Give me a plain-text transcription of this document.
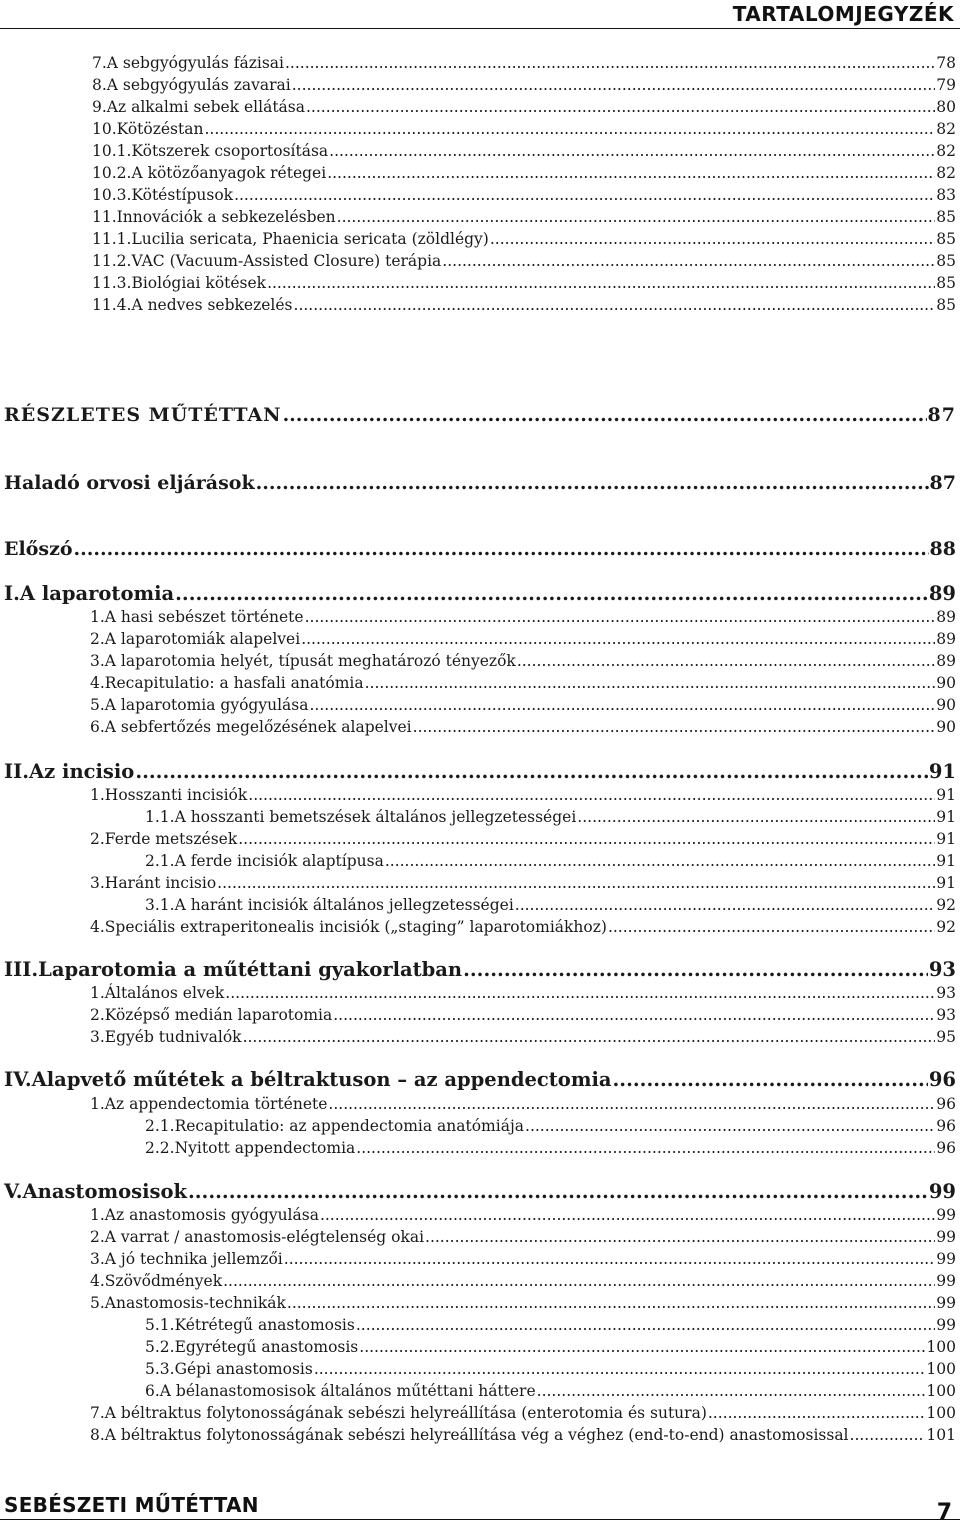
TARTALOMJEGYZÉK
7. A sebgyógyulás fázisai .....	78
8. A sebgyógyulás zavarai .....	79
9. Az alkalmi sebek ellátása .....	80
10. Kötözéstan .....	82
10.1. Kötszerek csoportosítása .....	82
10.2. A kötözőanyagok rétegei .....	82
10.3. Kötéstípusok .....	83
11. Innovációk a sebkezelésben .....	85
11.1. Lucilia sericata, Phaenicia sericata (zöldlégy) .....	85
11.2. VAC (Vacuum-Assisted Closure) terápia .....	85
11.3. Biológiai kötések .....	85
11.4. A nedves sebkezelés .....	85
RÉSZLETES MŰTÉTTAN .....	87
Haladó orvosi eljárások .....	87
Előszó .....	88
I. A laparotomia .....	89
1. A hasi sebészet története .....	89
2. A laparotomiák alapelvei .....	89
3. A laparotomia helyét, típusát meghatározó tényezők .....	89
4. Recapitulatio: a hasfali anatómia .....	90
5. A laparotomia gyógyulása .....	90
6. A sebfertőzés megelőzésének alapelvei .....	90
II. Az incisio .....	91
1. Hosszanti incisiók .....	91
1.1. A hosszanti bemetszések általános jellegzetességei .....	91
2. Ferde metszések .....	91
2.1. A ferde incisiók alaptípusa .....	91
3. Haránt incisio .....	91
3.1. A haránt incisiók általános jellegzetességei .....	92
4. Speciális extraperitonealis incisiók („staging” laparotomiákhoz) .....	92
III. Laparotomia a műtéttani gyakorlatban .....	93
1. Általános elvek .....	93
2. Középső medián laparotomia .....	93
3. Egyéb tudnivalók .....	95
IV. Alapvető műtétek a béltraktuson – az appendectomia .....	96
1. Az appendectomia története .....	96
2.1. Recapitulatio: az appendectomia anatómiája .....	96
2.2. Nyitott appendectomia .....	96
V. Anastomosisok .....	99
1. Az anastomosis gyógyulása .....	99
2. A varrat / anastomosis-elégtelenség okai .....	99
3. A jó technika jellemzői .....	99
4. Szövődmények .....	99
5. Anastomosis-technikák .....	99
5.1. Kétrétegű anastomosis .....	99
5.2. Egyrétegű anastomosis .....	100
5.3. Gépi anastomosis .....	100
6. A bélanastomosisok általános műtéttani háttere .....	100
7. A béltraktus folytonosságának sebészi helyreállítása (enterotomia és sutura) .....	100
8. A béltraktus folytonosságának sebészi helyreállítása vég a véghez (end-to-end) anastomosissal .....	101
SEBÉSZETI MŰTÉTTAN	7
